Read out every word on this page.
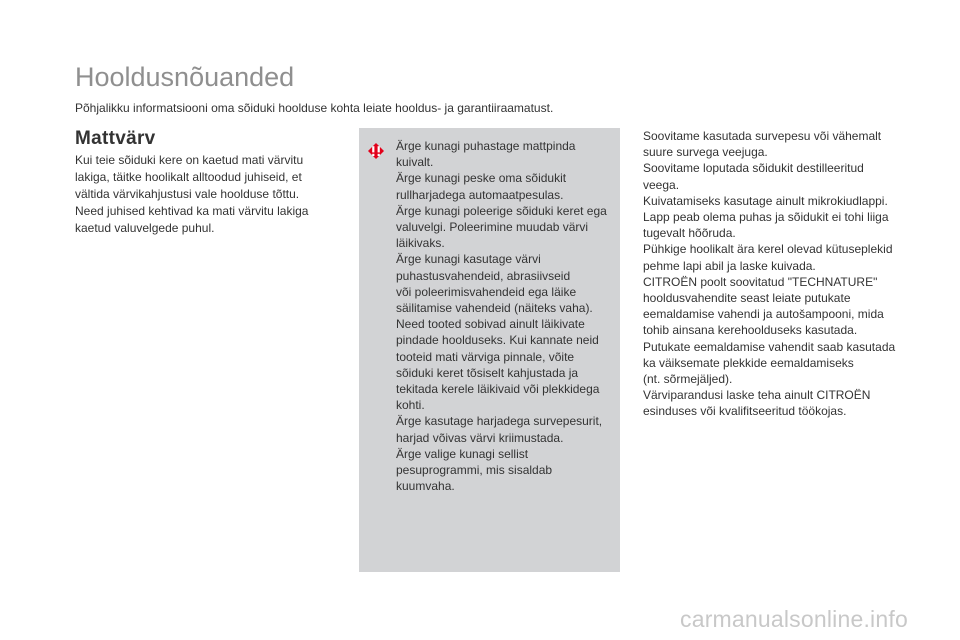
Hooldusnõuanded

Põhjalikku informatsiooni oma sõiduki hoolduse kohta leiate hooldus- ja garantiiraamatust.

Mattvärv
Kui teie sõiduki kere on kaetud mati värvitu
lakiga, täitke hoolikalt alltoodud juhiseid, et
vältida värvikahjustusi vale hoolduse tõttu.
Need juhised kehtivad ka mati värvitu lakiga
kaetud valuvelgede puhul.
Ärge kunagi puhastage mattpinda
kuivalt.
Ärge kunagi peske oma sõidukit
rullharjadega automaatpesulas.
Ärge kunagi poleerige sõiduki keret ega
valuvelgi. Poleerimine muudab värvi
läikivaks.
Ärge kunagi kasutage värvi
puhastusvahendeid, abrasiivseid
või poleerimisvahendeid ega läike
säilitamise vahendeid (näiteks vaha).
Need tooted sobivad ainult läikivate
pindade hoolduseks. Kui kannate neid
tooteid mati värviga pinnale, võite
sõiduki keret tõsiselt kahjustada ja
tekitada kerele läikivaid või plekkidega
kohti.
Ärge kasutage harjadega survepesurit,
harjad võivas värvi kriimustada.
Ärge valige kunagi sellist
pesuprogrammi, mis sisaldab
kuumvaha.
Soovitame kasutada survepesu või vähemalt
suure survega veejuga.
Soovitame loputada sõidukit destilleeritud
veega.
Kuivatamiseks kasutage ainult mikrokiudlappi.
Lapp peab olema puhas ja sõidukit ei tohi liiga
tugevalt hõõruda.
Pühkige hoolikalt ära kerel olevad kütuseplekid
pehme lapi abil ja laske kuivada.
CITROËN poolt soovitatud "TECHNATURE"
hooldusvahendite seast leiate putukate
eemaldamise vahendi ja autošampooni, mida
tohib ainsana kerehoolduseks kasutada.
Putukate eemaldamise vahendit saab kasutada
ka väiksemate plekkide eemaldamiseks
(nt. sõrmejäljed).
Värviparandusi laske teha ainult CITROËN
esinduses või kvalifitseeritud töökojas.
carmanualsonline.info
